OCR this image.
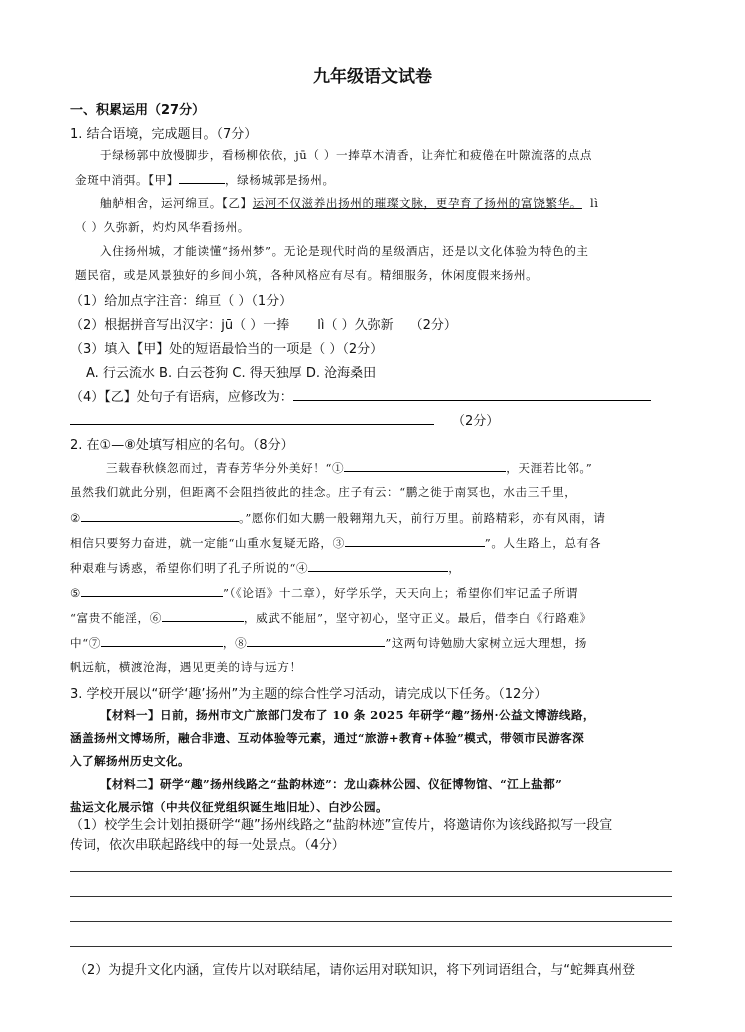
九年级语文试卷
一、积累运用（27分）
1. 结合语境，完成题目。（7分）
于绿杨郭中放慢脚步，看杨柳依依，jū（ ）一捧草木清香，让奔忙和疲倦在叶隙流落的点点
金斑中消弭。【甲】	，绿杨城郭是扬州。
舳舻相舍，运河绵亘。【乙】运河不仅滋养出扬州的璀璨文脉，更孕育了扬州的富饶繁华。 lì
（ ）久弥新，灼灼风华看扬州。
入住扬州城，才能读懂“扬州梦”。无论是现代时尚的星级酒店，还是以文化体验为特色的主
题民宿，或是风景独好的乡间小筑，各种风格应有尽有。精细服务，休闲度假来扬州。
（1）给加点字注音：绵亘（ ）（1分）
（2）根据拼音写出汉字：jū（ ）一捧 lì（ ）久弥新 （2分）
（3）填入【甲】处的短语最恰当的一项是（ ）（2分）
A. 行云流水 B. 白云苍狗 C. 得天独厚 D. 沧海桑田
（4）【乙】处句子有语病，应修改为：
（2分）
2. 在①—⑧处填写相应的名句。（8分）
三载春秋倏忽而过，青春芳华分外美好！“①	，天涯若比邻。”
虽然我们就此分别，但距离不会阻挡彼此的挂念。庄子有云：“鹏之徙于南冥也，水击三千里，
②	。”愿你们如大鹏一般翱翔九天，前行万里。前路精彩，亦有风雨，请
相信只要努力奋进，就一定能“山重水复疑无路，③	”。人生路上，总有各
种艰难与诱惑，希望你们明了孔子所说的“④	，
⑤	”（《论语》十二章），好学乐学，天天向上；希望你们牢记孟子所谓
“富贵不能淫，⑥	，威武不能屈”，坚守初心，坚守正义。最后，借李白《行路难》
中“⑦	，⑧	”这两句诗勉励大家树立远大理想，扬
帆远航，横渡沧海，遇见更美的诗与远方！
3. 学校开展以“研学‘趣’扬州”为主题的综合性学习活动，请完成以下任务。（12分）
【材料一】日前，扬州市文广旅部门发布了 10 条 2025 年研学“趣”扬州·公益文博游线路，
涵盖扬州文博场所，融合非遗、互动体验等元素，通过“旅游+教育+体验”模式，带领市民游客深
入了解扬州历史文化。
【材料二】研学“趣”扬州线路之“盐韵林迹”：龙山森林公园、仪征博物馆、“江上盐都”
盐运文化展示馆（中共仪征党组织诞生地旧址）、白沙公园。
（1）校学生会计划拍摄研学“趣”扬州线路之“盐韵林迹”宣传片，将邀请你为该线路拟写一段宣
传词，依次串联起路线中的每一处景点。（4分）
（2）为提升文化内涵，宣传片以对联结尾，请你运用对联知识，将下列词语组合，与“蛇舞真州登
